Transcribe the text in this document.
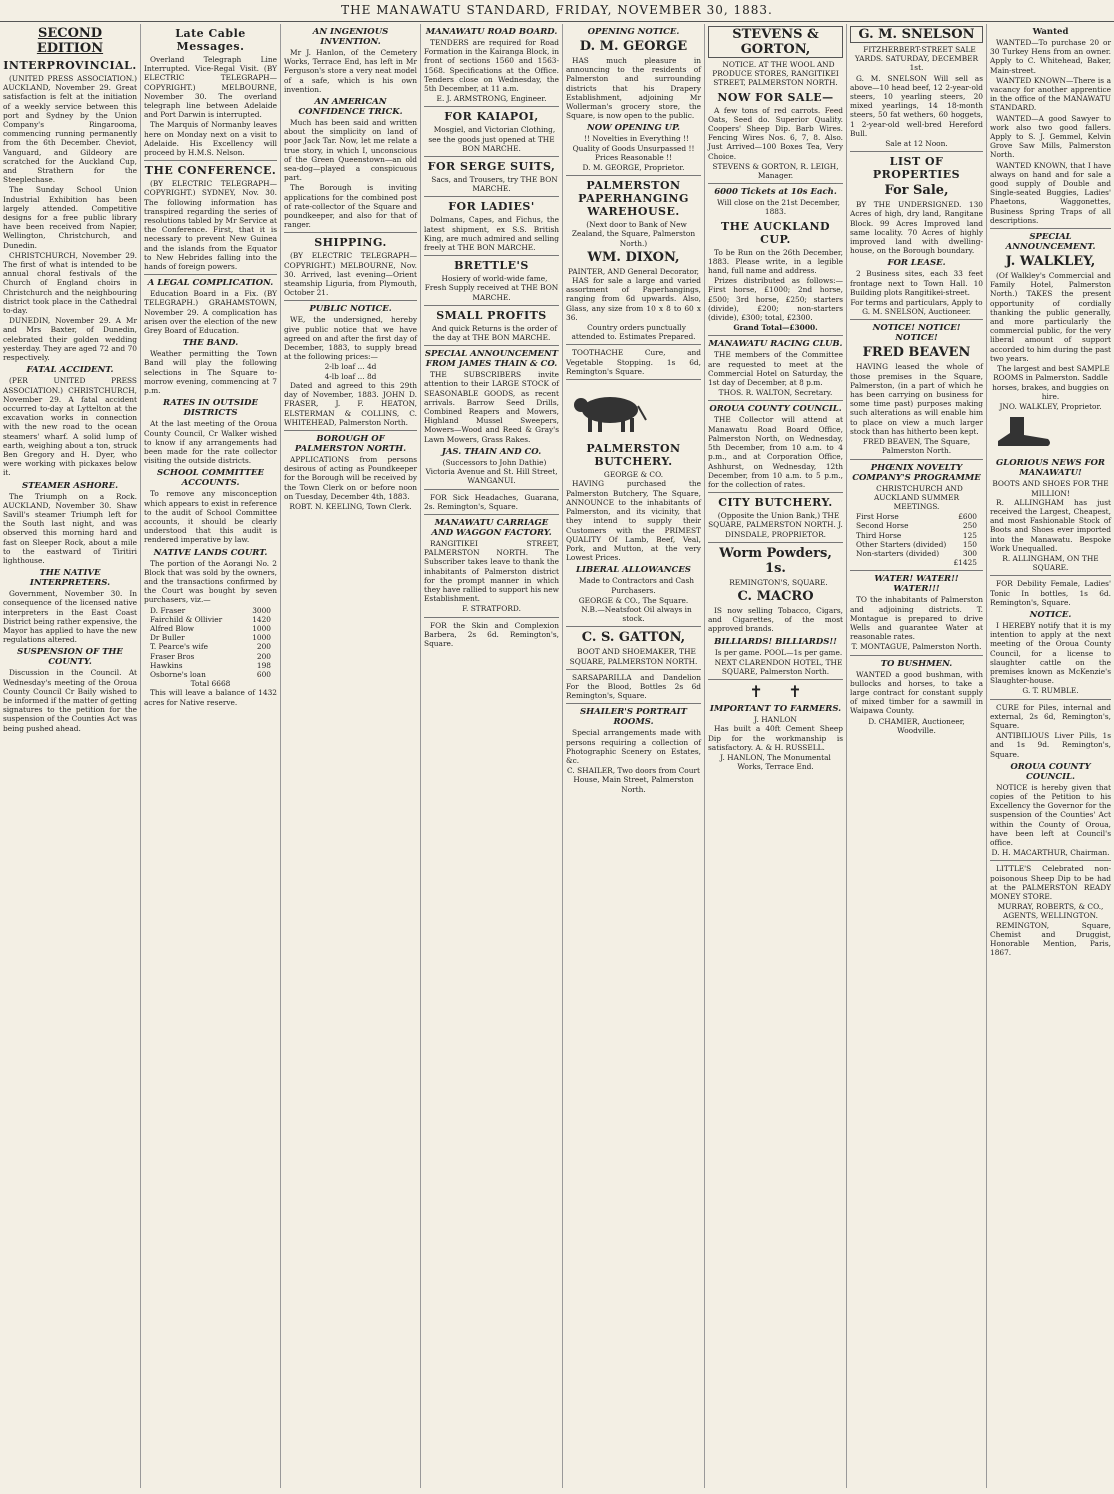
THE MANAWATU STANDARD, FRIDAY, NOVEMBER 30, 1883.
SECOND EDITION
INTERPROVINCIAL.

(UNITED PRESS ASSOCIATION.) AUCKLAND, November 29. Great satisfaction is felt at the initiation of a weekly service between this port and Sydney by the Union Company's Ringarooma, commencing running permanently from the 6th December. Cheviot, Vanguard, and Gildeory are scratched for the Auckland Cup, and Strathern for the Steeplechase.

The Sunday School Union Industrial Exhibition has been largely attended. Competitive designs for a free public library have been received from Napier, Wellington, Christchurch, and Dunedin.

CHRISTCHURCH, November 29. The first of what is intended to be annual choral festivals of the Church of England choirs in Christchurch and the neighbouring district took place in the Cathedral to-day.

DUNEDIN, November 29. A Mr and Mrs Baxter, of Dunedin, celebrated their golden wedding yesterday. They are aged 72 and 70 respectively.

FATAL ACCIDENT.

(PER UNITED PRESS ASSOCIATION.) CHRISTCHURCH, November 29. A fatal accident occurred to-day at Lyttelton at the excavation works in connection with the new road to the ocean steamers' wharf. A solid lump of earth, weighing about a ton, struck Ben Gregory and H. Dyer, who were working with pickaxes below it.

STEAMER ASHORE.

The Triumph on a Rock. AUCKLAND, November 30. Shaw Savill's steamer Triumph left for the South last night, and was observed this morning hard and fast on Sleeper Rock, about a mile to the eastward of Tiritiri lighthouse.

THE NATIVE INTERPRETERS.

Government, November 30. In consequence of the licensed native interpreters in the East Coast District being rather expensive, the Mayor has applied to have the new regulations altered.

SUSPENSION OF THE COUNTY.

Discussion in the Council. At Wednesday's meeting of the Oroua County Council Cr Baily wished to be informed if the matter of getting signatures to the petition for the suspension of the Counties Act was being pushed ahead.

Late Cable Messages.

Overland Telegraph Line Interrupted. Vice-Regal Visit. (BY ELECTRIC TELEGRAPH—COPYRIGHT.) MELBOURNE, November 30. The overland telegraph line between Adelaide and Port Darwin is interrupted.

The Marquis of Normanby leaves here on Monday next on a visit to Adelaide. His Excellency will proceed by H.M.S. Nelson.

THE CONFERENCE.

(BY ELECTRIC TELEGRAPH—COPYRIGHT.) SYDNEY, Nov. 30. The following information has transpired regarding the series of resolutions tabled by Mr Service at the Conference. First, that it is necessary to prevent New Guinea and the islands from the Equator to New Hebrides falling into the hands of foreign powers.

A LEGAL COMPLICATION.

Education Board in a Fix. (BY TELEGRAPH.) GRAHAMSTOWN, November 29. A complication has arisen over the election of the new Grey Board of Education.

THE BAND.

Weather permitting the Town Band will play the following selections in The Square to-morrow evening, commencing at 7 p.m.

RATES IN OUTSIDE DISTRICTS

At the last meeting of the Oroua County Council, Cr Walker wished to know if any arrangements had been made for the rate collector visiting the outside districts.

SCHOOL COMMITTEE ACCOUNTS.

To remove any misconception which appears to exist in reference to the audit of School Committee accounts, it should be clearly understood that this audit is rendered imperative by law.

NATIVE LANDS COURT.

The portion of the Aorangi No. 2 Block that was sold by the owners, and the transactions confirmed by the Court was bought by seven purchasers, viz.—

D. Fraser	3000
Fairchild & Ollivier	1420
Alfred Blow	1000
Dr Buller	1000
T. Pearce's wife	200
Fraser Bros	200
Hawkins	198
Osborne's loan	600
Total 6668

This will leave a balance of 1432 acres for Native reserve.

AN INGENIOUS INVENTION.

Mr J. Hanlon, of the Cemetery Works, Terrace End, has left in Mr Ferguson's store a very neat model of a safe, which is his own invention.

AN AMERICAN CONFIDENCE TRICK.

Much has been said and written about the simplicity on land of poor Jack Tar. Now, let me relate a true story, in which I, unconscious of the Green Queenstown—an old sea-dog—played a conspicuous part.

The Borough is inviting applications for the combined post of rate-collector of the Square and poundkeeper, and also for that of ranger.

SHIPPING.

(BY ELECTRIC TELEGRAPH—COPYRIGHT.) MELBOURNE, Nov. 30. Arrived, last evening—Orient steamship Liguria, from Plymouth, October 21.

PUBLIC NOTICE.

WE, the undersigned, hereby give public notice that we have agreed on and after the first day of December, 1883, to supply bread at the following prices:—

2-lb loaf ... 4d
4-lb loaf ... 8d

Dated and agreed to this 29th day of November, 1883. JOHN D. FRASER, J. F. HEATON, ELSTERMAN & COLLINS, C. WHITEHEAD, Palmerston North.

BOROUGH OF PALMERSTON NORTH.

APPLICATIONS from persons desirous of acting as Poundkeeper for the Borough will be received by the Town Clerk on or before noon on Tuesday, December 4th, 1883.

ROBT. N. KEELING, Town Clerk.
MANAWATU ROAD BOARD.

TENDERS are required for Road Formation in the Kairanga Block, in front of sections 1560 and 1563-1568. Specifications at the Office. Tenders close on Wednesday, the 5th December, at 11 a.m.

E. J. ARMSTRONG, Engineer.
FOR KAIAPOI,

Mosgiel, and Victorian Clothing, see the goods just opened at THE BON MARCHE.

FOR SERGE SUITS,

Sacs, and Trousers, try THE BON MARCHE.

FOR LADIES'

Dolmans, Capes, and Fichus, the latest shipment, ex S.S. British King, are much admired and selling freely at THE BON MARCHE.

BRETTLE'S

Hosiery of world-wide fame, Fresh Supply received at THE BON MARCHE.

SMALL PROFITS

And quick Returns is the order of the day at THE BON MARCHE.

SPECIAL ANNOUNCEMENT FROM JAMES THAIN & CO.

THE SUBSCRIBERS invite attention to their LARGE STOCK of SEASONABLE GOODS, as recent arrivals. Barrow Seed Drills, Combined Reapers and Mowers, Highland Mussel Sweepers, Mowers—Wood and Reed & Gray's Lawn Mowers, Grass Rakes.

JAS. THAIN AND CO.

(Successors to John Dathie) Victoria Avenue and St. Hill Street, WANGANUI.

FOR Sick Headaches, Guarana, 2s. Remington's, Square.

MANAWATU CARRIAGE AND WAGGON FACTORY.

RANGITIKEI STREET, PALMERSTON NORTH. The Subscriber takes leave to thank the inhabitants of Palmerston district for the prompt manner in which they have rallied to support his new Establishment.

F. STRATFORD.

FOR the Skin and Complexion Barbera, 2s 6d. Remington's, Square.

OPENING NOTICE.
D. M. GEORGE

HAS much pleasure in announcing to the residents of Palmerston and surrounding districts that his Drapery Establishment, adjoining Mr Wollerman's grocery store, the Square, is now open to the public.

NOW OPENING UP.

!! Novelties in Everything !! Quality of Goods Unsurpassed !! Prices Reasonable !!

D. M. GEORGE, Proprietor.
PALMERSTON PAPERHANGING WAREHOUSE.

(Next door to Bank of New Zealand, the Square, Palmerston North.)

WM. DIXON,
PAINTER, AND General Decorator,

HAS for sale a large and varied assortment of Paperhangings, ranging from 6d upwards. Also, Glass, any size from 10 x 8 to 60 x 36.

Country orders punctually attended to. Estimates Prepared.

TOOTHACHE Cure, and Vegetable Stopping. 1s 6d, Remington's Square.

PALMERSTON BUTCHERY.
GEORGE & CO.

HAVING purchased the Palmerston Butchery, The Square, ANNOUNCE to the inhabitants of Palmerston, and its vicinity, that they intend to supply their Customers with the PRIMEST QUALITY Of Lamb, Beef, Veal, Pork, and Mutton, at the very Lowest Prices.

LIBERAL ALLOWANCES

Made to Contractors and Cash Purchasers.

GEORGE & CO., The Square.

N.B.—Neatsfoot Oil always in stock.

C. S. GATTON,

BOOT AND SHOEMAKER, THE SQUARE, PALMERSTON NORTH.

SARSAPARILLA and Dandelion For the Blood, Bottles 2s 6d Remington's, Square.

SHAILER'S PORTRAIT ROOMS.

Special arrangements made with persons requiring a collection of Photographic Scenery on Estates, &c.

C. SHAILER, Two doors from Court House, Main Street, Palmerston North.
STEVENS & GORTON,

NOTICE. AT THE WOOL AND PRODUCE STORES, RANGITIKEI STREET, PALMERSTON NORTH.

NOW FOR SALE—

A few tons of red carrots. Feed Oats, Seed do. Superior Quality. Coopers' Sheep Dip. Barb Wires. Fencing Wires Nos. 6, 7, 8. Also. Just Arrived—100 Boxes Tea, Very Choice.

STEVENS & GORTON, R. LEIGH, Manager.
6000 Tickets at 10s Each.

Will close on the 21st December, 1883.

THE AUCKLAND CUP.

To be Run on the 26th December, 1883. Please write, in a legible hand, full name and address.

Prizes distributed as follows:—First horse, £1000; 2nd horse, £500; 3rd horse, £250; starters (divide), £200; non-starters (divide), £300; total, £2300.

Grand Total—£3000.
MANAWATU RACING CLUB.

THE members of the Committee are requested to meet at the Commercial Hotel on Saturday, the 1st day of December, at 8 p.m.

THOS. R. WALTON, Secretary.
OROUA COUNTY COUNCIL.

THE Collector will attend at Manawatu Road Board Office, Palmerston North, on Wednesday, 5th December, from 10 a.m. to 4 p.m., and at Corporation Office, Ashhurst, on Wednesday, 12th December, from 10 a.m. to 5 p.m., for the collection of rates.

CITY BUTCHERY.

(Opposite the Union Bank,) THE SQUARE, PALMERSTON NORTH. J. DINSDALE, PROPRIETOR.

Worm Powders, 1s.

REMINGTON'S, SQUARE.

C. MACRO

IS now selling Tobacco, Cigars, and Cigarettes, of the most approved brands.

BILLIARDS! BILLIARDS!!

Is per game. POOL—1s per game.

NEXT CLARENDON HOTEL, THE SQUARE, Palmerston North.

✝     ✝
IMPORTANT TO FARMERS.
J. HANLON

Has built a 40ft Cement Sheep Dip for the workmanship is satisfactory. A. & H. RUSSELL.

J. HANLON, The Monumental Works, Terrace End.
G. M. SNELSON

FITZHERBERT-STREET SALE YARDS. SATURDAY, DECEMBER 1st.

G. M. SNELSON Will sell as above—10 head beef, 12 2-year-old steers, 10 yearling steers, 20 mixed yearlings, 14 18-month steers, 50 fat wethers, 60 hoggets, 1 2-year-old well-bred Hereford Bull.

Sale at 12 Noon.
LIST OF PROPERTIES
For Sale,

BY THE UNDERSIGNED. 130 Acres of high, dry land, Rangitane Block. 99 Acres Improved land same locality. 70 Acres of highly improved land with dwelling-house, on the Borough boundary.

FOR LEASE.

2 Business sites, each 33 feet frontage next to Town Hall. 10 Building plots Rangitikei-street.

For terms and particulars, Apply to G. M. SNELSON, Auctioneer.
NOTICE! NOTICE! NOTICE!
FRED BEAVEN

HAVING leased the whole of those premises in the Square, Palmerston, (in a part of which he has been carrying on business for some time past) purposes making such alterations as will enable him to place on view a much larger stock than has hitherto been kept.

FRED BEAVEN, The Square, Palmerston North.
PHŒNIX NOVELTY COMPANY'S PROGRAMME

CHRISTCHURCH AND AUCKLAND SUMMER MEETINGS.

First Horse	£600
Second Horse	250
Third Horse	125
Other Starters (divided) 150
Non-starters (divided)	300
£1425
WATER! WATER!! WATER!!!

TO the inhabitants of Palmerston and adjoining districts. T. Montague is prepared to drive Wells and guarantee Water at reasonable rates.

T. MONTAGUE, Palmerston North.
TO BUSHMEN.

WANTED a good bushman, with bullocks and horses, to take a large contract for constant supply of mixed timber for a sawmill in Waipawa County.

D. CHAMIER, Auctioneer, Woodville.
Wanted

WANTED—To purchase 20 or 30 Turkey Hens from an owner. Apply to C. Whitehead, Baker, Main-street.

WANTED KNOWN—There is a vacancy for another apprentice in the office of the MANAWATU STANDARD.

WANTED—A good Sawyer to work also two good fallers. Apply to S. J. Gemmel, Kelvin Grove Saw Mills, Palmerston North.

WANTED KNOWN, that I have always on hand and for sale a good supply of Double and Single-seated Buggies, Ladies' Phaetons, Waggonettes, Business Spring Traps of all descriptions.

SPECIAL ANNOUNCEMENT.
J. WALKLEY,

(Of Walkley's Commercial and Family Hotel, Palmerston North.) TAKES the present opportunity of cordially thanking the public generally, and more particularly the commercial public, for the very liberal amount of support accorded to him during the past two years.

The largest and best SAMPLE ROOMS in Palmerston. Saddle horses, brakes, and buggies on hire.

JNO. WALKLEY, Proprietor.
GLORIOUS NEWS FOR MANAWATU!
BOOTS AND SHOES FOR THE MILLION!

R. ALLINGHAM has just received the Largest, Cheapest, and most Fashionable Stock of Boots and Shoes ever imported into the Manawatu. Bespoke Work Unequalled.

R. ALLINGHAM, ON THE SQUARE.

FOR Debility Female, Ladies' Tonic In bottles, 1s 6d. Remington's, Square.

NOTICE.

I HEREBY notify that it is my intention to apply at the next meeting of the Oroua County Council, for a license to slaughter cattle on the premises known as McKenzie's Slaughter-house.

G. T. RUMBLE.

CURE for Piles, internal and external, 2s 6d, Remington's, Square.

ANTIBILIOUS Liver Pills, 1s and 1s 9d. Remington's, Square.

OROUA COUNTY COUNCIL.

NOTICE is hereby given that copies of the Petition to his Excellency the Governor for the suspension of the Counties' Act within the County of Oroua, have been left at Council's office.

D. H. MACARTHUR, Chairman.

LITTLE'S Celebrated non-poisonous Sheep Dip to be had at the PALMERSTON READY MONEY STORE.

MURRAY, ROBERTS, & CO., AGENTS, WELLINGTON.

REMINGTON, Square, Chemist and Druggist, Honorable Mention, Paris, 1867.
